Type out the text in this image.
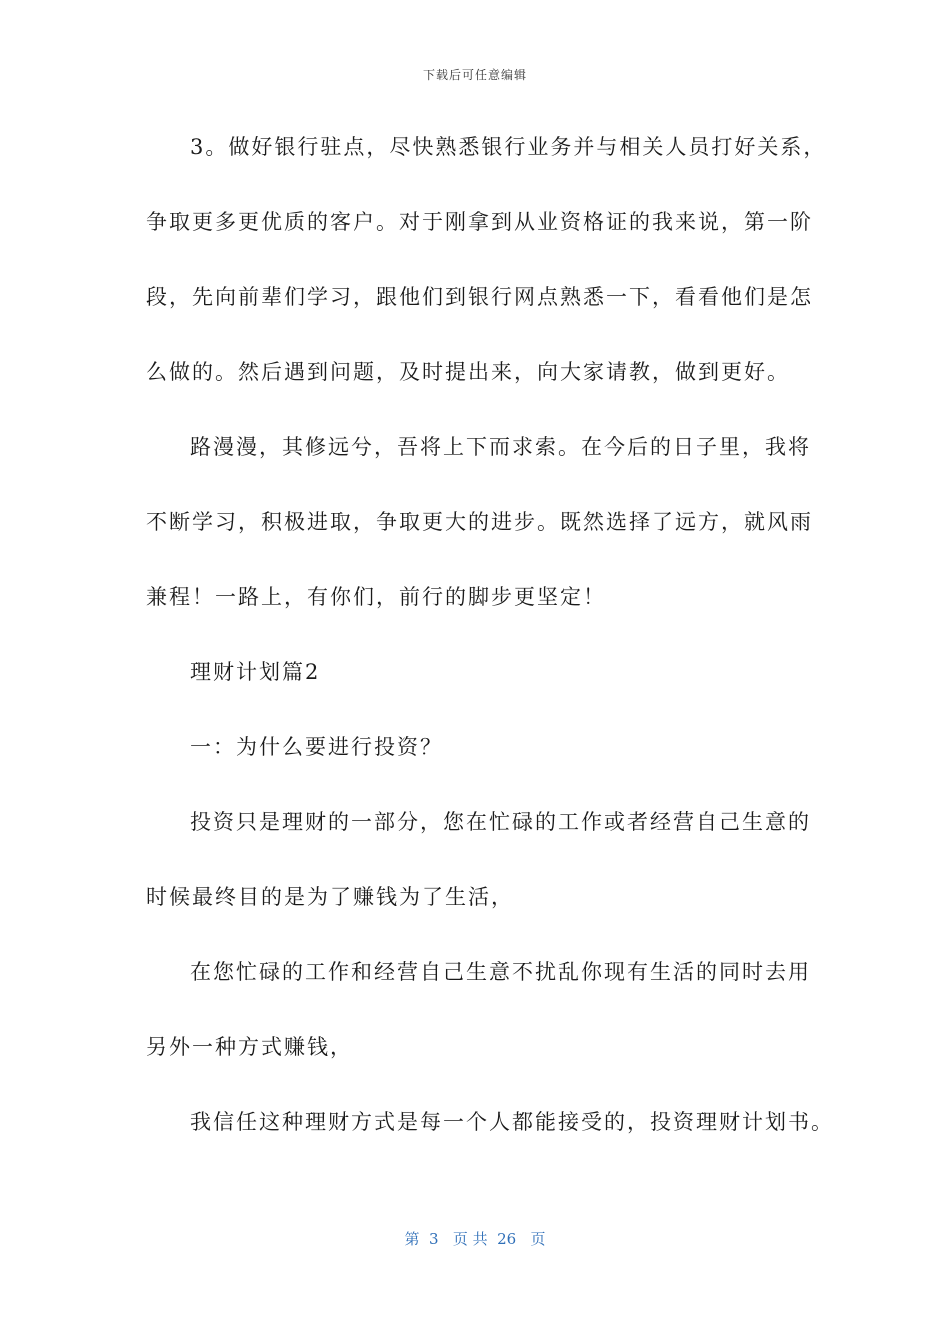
下载后可任意编辑
3。做好银行驻点，尽快熟悉银行业务并与相关人员打好关系，
争取更多更优质的客户。对于刚拿到从业资格证的我来说，第一阶
段，先向前辈们学习，跟他们到银行网点熟悉一下，看看他们是怎
么做的。然后遇到问题，及时提出来，向大家请教，做到更好。
路漫漫，其修远兮，吾将上下而求索。在今后的日子里，我将
不断学习，积极进取，争取更大的进步。既然选择了远方，就风雨
兼程！一路上，有你们，前行的脚步更坚定！
理财计划篇2
一：为什么要进行投资？
投资只是理财的一部分，您在忙碌的工作或者经营自己生意的
时候最终目的是为了赚钱为了生活，
在您忙碌的工作和经营自己生意不扰乱你现有生活的同时去用
另外一种方式赚钱，
我信任这种理财方式是每一个人都能接受的，投资理财计划书。
第  3   页 共  26   页
